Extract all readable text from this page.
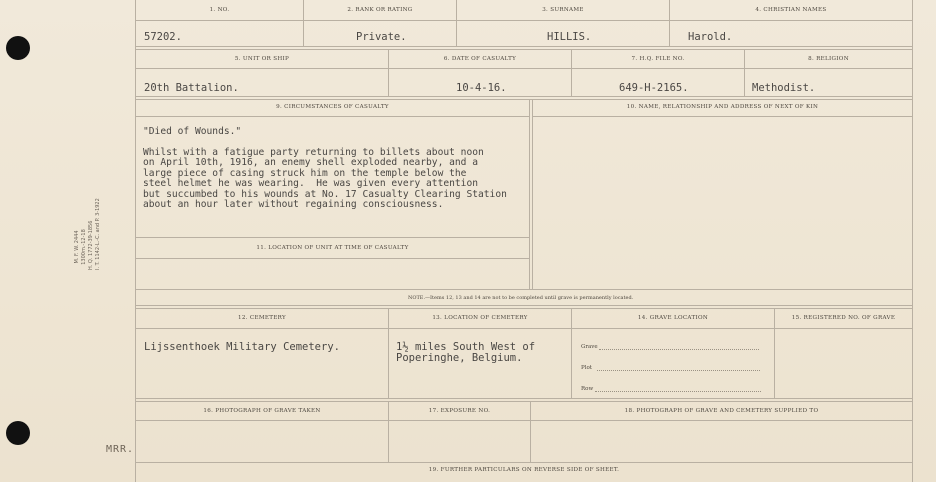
M. F. W. 2444 1300m.-12-18 H. Q. 1772-39-1856 I. T. 1142-L.-C. and P. 3-1922
MRR.
1. NO.	2. RANK OR RATING	3. SURNAME	4. CHRISTIAN NAMES
57202.	Private.	HILLIS.	Harold.
5. UNIT OR SHIP	6. DATE OF CASUALTY	7. H.Q. FILE NO.	8. RELIGION
20th Battalion.	10-4-16.	649-H-2165.	Methodist.
9. CIRCUMSTANCES OF CASUALTY	10. NAME, RELATIONSHIP AND ADDRESS OF NEXT OF KIN
"Died of Wounds."
Whilst with a fatigue party returning to billets about noon
on April 10th, 1916, an enemy shell exploded nearby, and a
large piece of casing struck him on the temple below the
steel helmet he was wearing.  He was given every attention
but succumbed to his wounds at No. 17 Casualty Clearing Station
about an hour later without regaining consciousness.
11. LOCATION OF UNIT AT TIME OF CASUALTY
NOTE.—Items 12, 13 and 14 are not to be completed until grave is permanently located.
12. CEMETERY	13. LOCATION OF CEMETERY	14. GRAVE LOCATION	15. REGISTERED NO. OF GRAVE
Lijssenthoek Military Cemetery.	1½ miles South West of
Poperinghe, Belgium.
Grave
Plot
Row
16. PHOTOGRAPH OF GRAVE TAKEN	17. EXPOSURE NO.	18. PHOTOGRAPH OF GRAVE AND CEMETERY SUPPLIED TO
19. FURTHER PARTICULARS ON REVERSE SIDE OF SHEET.
